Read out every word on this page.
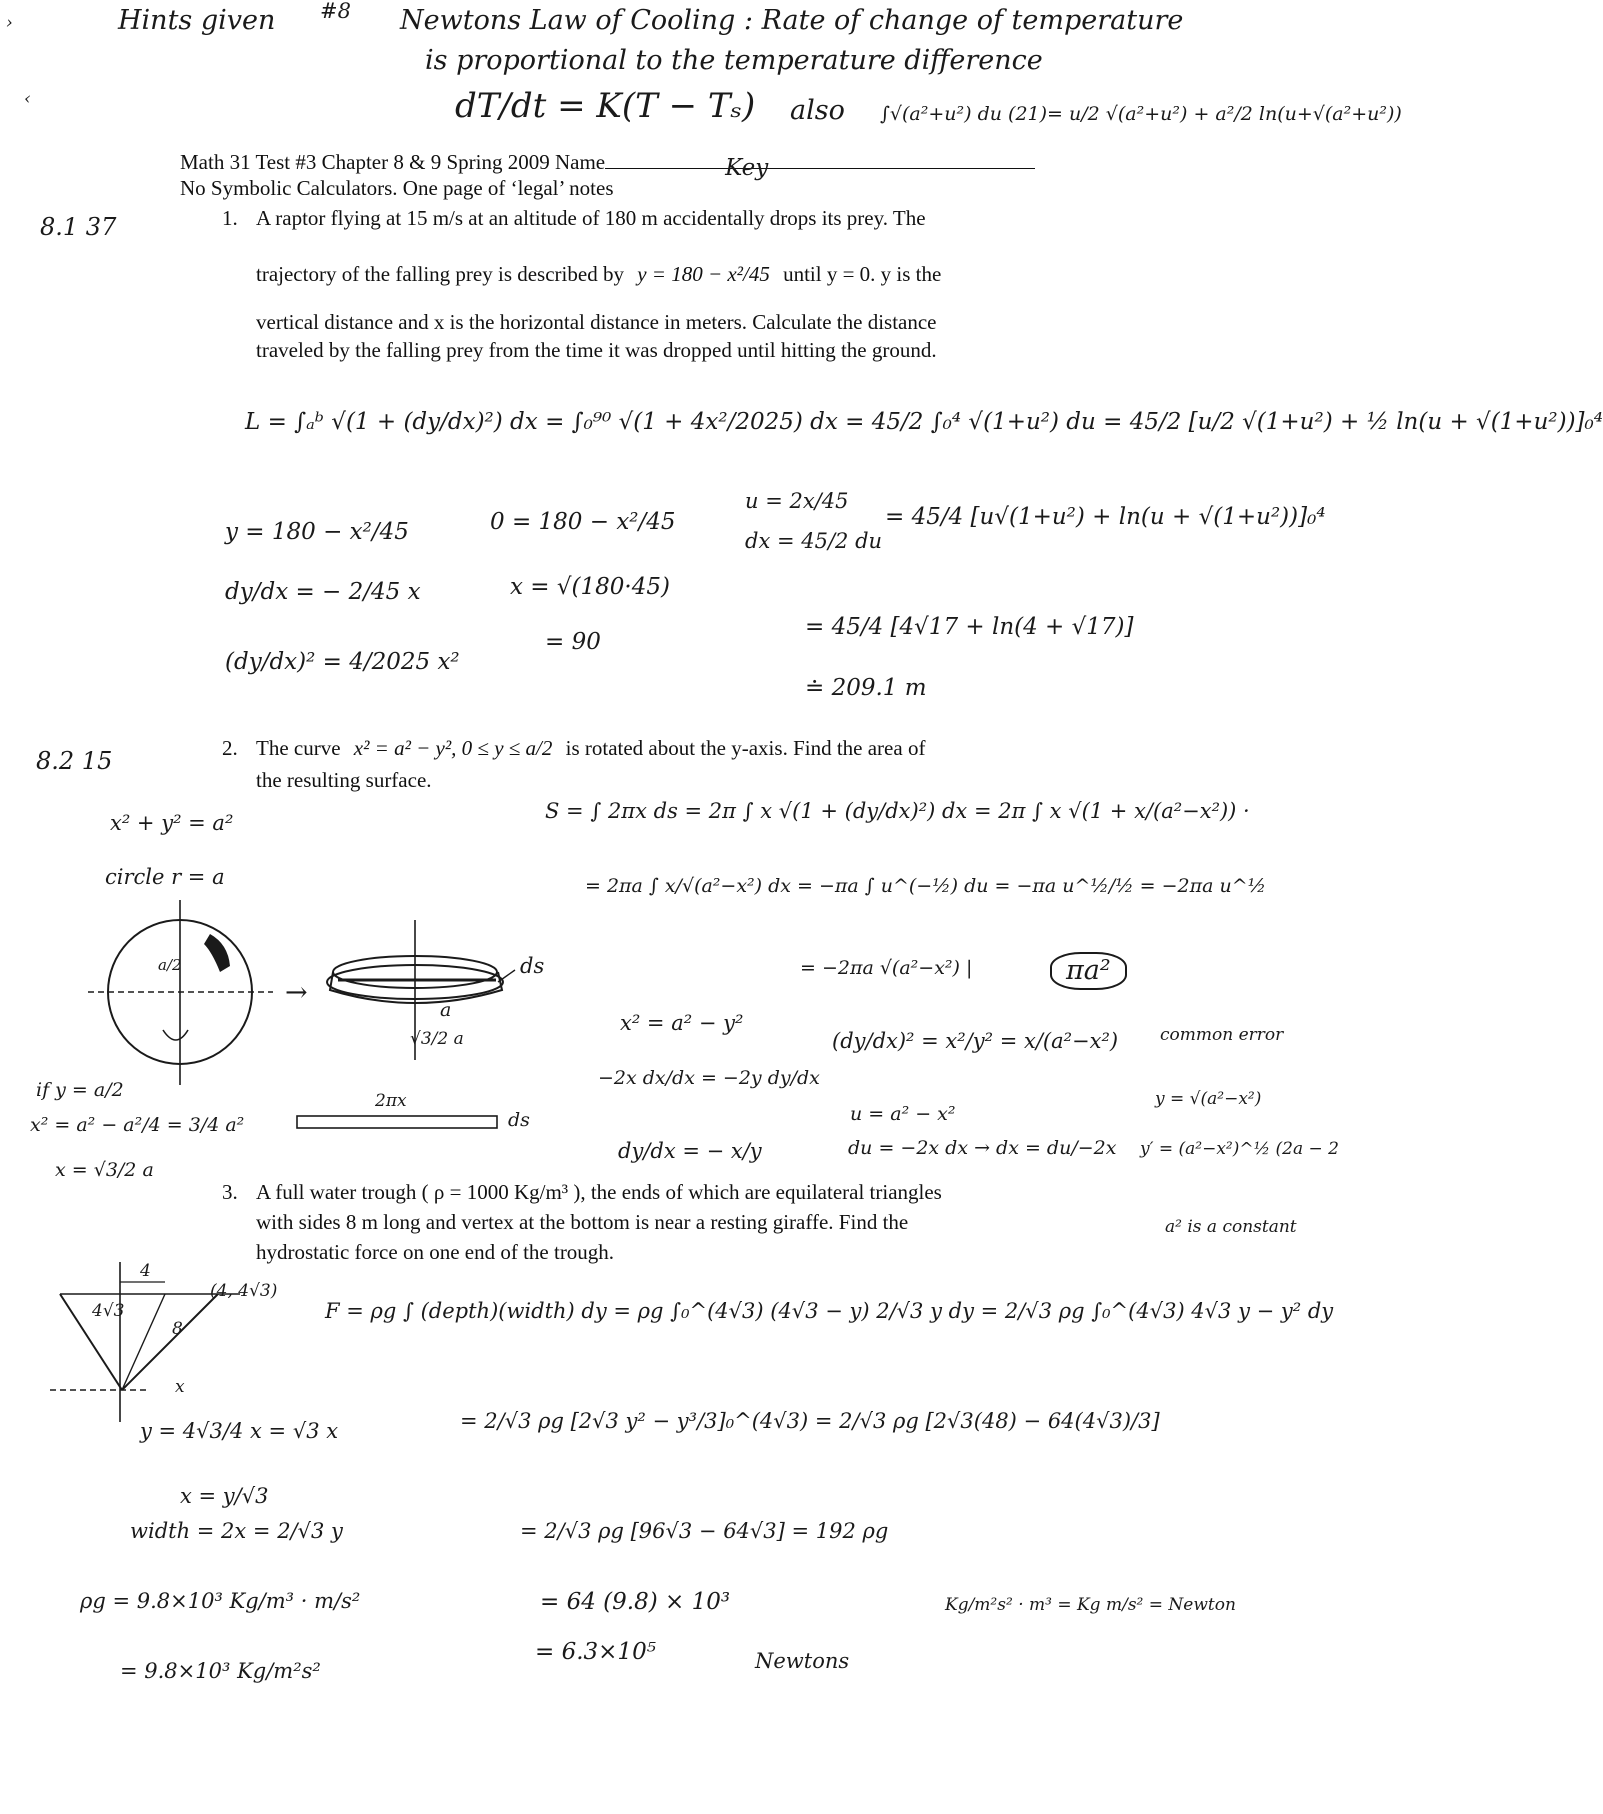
›
‹
Hints given #8 Newtons Law of Cooling : Rate of change of temperature
is proportional to the temperature difference
dT/dt = K(T − Tₛ) also ∫√(a²+u²) du (21)= u/2 √(a²+u²) + a²/2 ln(u+√(a²+u²))
Math 31 Test #3 Chapter 8 & 9 Spring 2009 Name	Key
No Symbolic Calculators. One page of ‘legal’ notes
8.1 37	1. A raptor flying at 15 m/s at an altitude of 180 m accidentally drops its prey. The
trajectory of the falling prey is described by y = 180 − x²/45 until y = 0. y is the
vertical distance and x is the horizontal distance in meters. Calculate the distance
traveled by the falling prey from the time it was dropped until hitting the ground.
L = ∫ₐᵇ √(1 + (dy/dx)²) dx = ∫₀⁹⁰ √(1 + 4x²/2025) dx = 45/2 ∫₀⁴ √(1+u²) du = 45/2 [u/2 √(1+u²) + ½ ln(u + √(1+u²))]₀⁴
y = 180 − x²/45
dy/dx = − 2/45 x
(dy/dx)² = 4/2025 x²
0 = 180 − x²/45
x = √(180·45)
= 90
u = 2x/45
dx = 45/2 du
= 45/4 [u√(1+u²) + ln(u + √(1+u²))]₀⁴
= 45/4 [4√17 + ln(4 + √17)]
≐ 209.1 m
8.2 15	2. The curve x² = a² − y², 0 ≤ y ≤ a/2 is rotated about the y-axis. Find the area of
the resulting surface.
x² + y² = a²
circle r = a
S = ∫ 2πx ds = 2π ∫ x √(1 + (dy/dx)²) dx = 2π ∫ x √(1 + x/(a²−x²)) ·
= 2πa ∫ x/√(a²−x²) dx = −πa ∫ u^(−½) du = −πa u^½/½ = −2πa u^½
= −2πa √(a²−x²) |	πa²
x² = a² − y²
−2x dx/dx = −2y dy/dx
dy/dx = − x/y
(dy/dx)² = x²/y² = x/(a²−x²)
u = a² − x²
du = −2x dx → dx = du/−2x
common error
y = √(a²−x²)
y′ = (a²−x²)^½ (2a − 2
a² is a constant
if y = a/2
x² = a² − a²/4 = 3/4 a²
x = √3/2 a
a/2
→
ds
a
√3/2 a
2πx
ds
3. A full water trough ( ρ = 1000 Kg/m³ ), the ends of which are equilateral triangles
with sides 8 m long and vertex at the bottom is near a resting giraffe. Find the
hydrostatic force on one end of the trough.
4
(4, 4√3)
4√3
8
x
y = 4√3/4 x = √3 x
x = y/√3
width = 2x = 2/√3 y
ρg = 9.8×10³ Kg/m³ · m/s²
= 9.8×10³ Kg/m²s²
F = ρg ∫ (depth)(width) dy = ρg ∫₀^(4√3) (4√3 − y) 2/√3 y dy = 2/√3 ρg ∫₀^(4√3) 4√3 y − y² dy
= 2/√3 ρg [2√3 y² − y³/3]₀^(4√3) = 2/√3 ρg [2√3(48) − 64(4√3)/3]
= 2/√3 ρg [96√3 − 64√3] = 192 ρg
= 64 (9.8) × 10³
= 6.3×10⁵	Newtons
Kg/m²s² · m³ = Kg m/s² = Newton
